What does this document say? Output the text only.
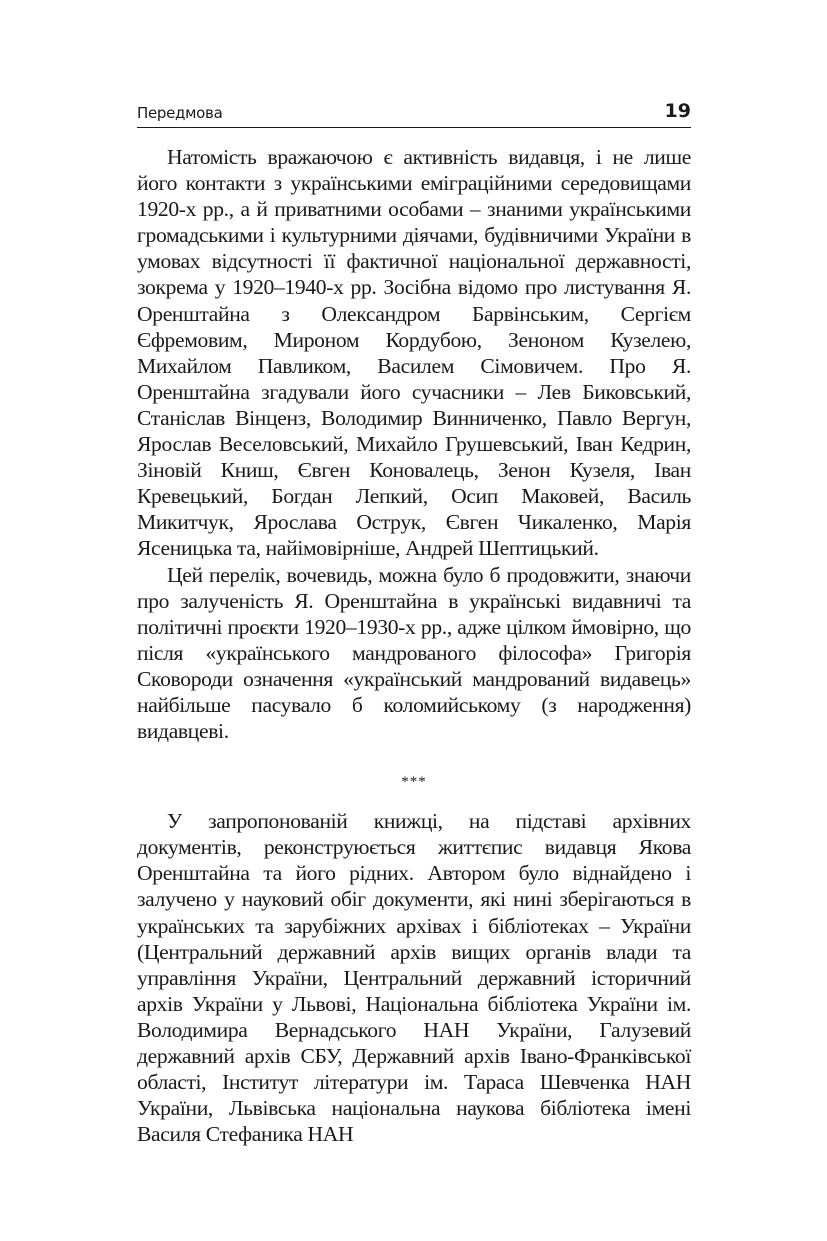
Передмова	19

Натомість вражаючою є активність видавця, і не лише його контакти з українськими еміграційними середовищами 1920-х рр., а й приватними особами – знаними українськими громадськими і культурними діячами, будівничими України в умовах відсутності її фактичної національної державності, зокрема у 1920–1940-х рр. Зосібна відомо про листування Я. Оренштайна з Олександром Барвінським, Сергієм Єфремовим, Мироном Кордубою, Зеноном Кузелею, Михайлом Павликом, Василем Сімовичем. Про Я. Оренштайна згадували його сучасники – Лев Биковський, Станіслав Вінценз, Володимир Винниченко, Павло Вергун, Ярослав Веселовський, Михайло Грушевський, Іван Кедрин, Зіновій Книш, Євген Коновалець, Зенон Кузеля, Іван Кревецький, Богдан Лепкий, Осип Маковей, Василь Микитчук, Ярослава Острук, Євген Чикаленко, Марія Ясеницька та, найімовірніше, Андрей Шептицький.

Цей перелік, вочевидь, можна було б продовжити, знаючи про залученість Я. Оренштайна в українські видавничі та політичні проєкти 1920–1930-х рр., адже цілком ймовірно, що після «українського мандрованого філософа» Григорія Сковороди означення «український мандрований видавець» найбільше пасувало б коломийському (з народження) видавцеві.

***

У запропонованій книжці, на підставі архівних документів, реконструюється життєпис видавця Якова Оренштайна та його рідних. Автором було віднайдено і залучено у науковий обіг документи, які нині зберігаються в українських та зарубіжних архівах і бібліотеках – України (Центральний державний архів вищих органів влади та управління України, Центральний державний історичний архів України у Львові, Національна бібліотека України ім. Володимира Вернадського НАН України, Галузевий державний архів СБУ, Державний архів Івано-Франківської області, Інститут літератури ім. Тараса Шевченка НАН України, Львівська національна наукова бібліотека імені Василя Стефаника НАН
